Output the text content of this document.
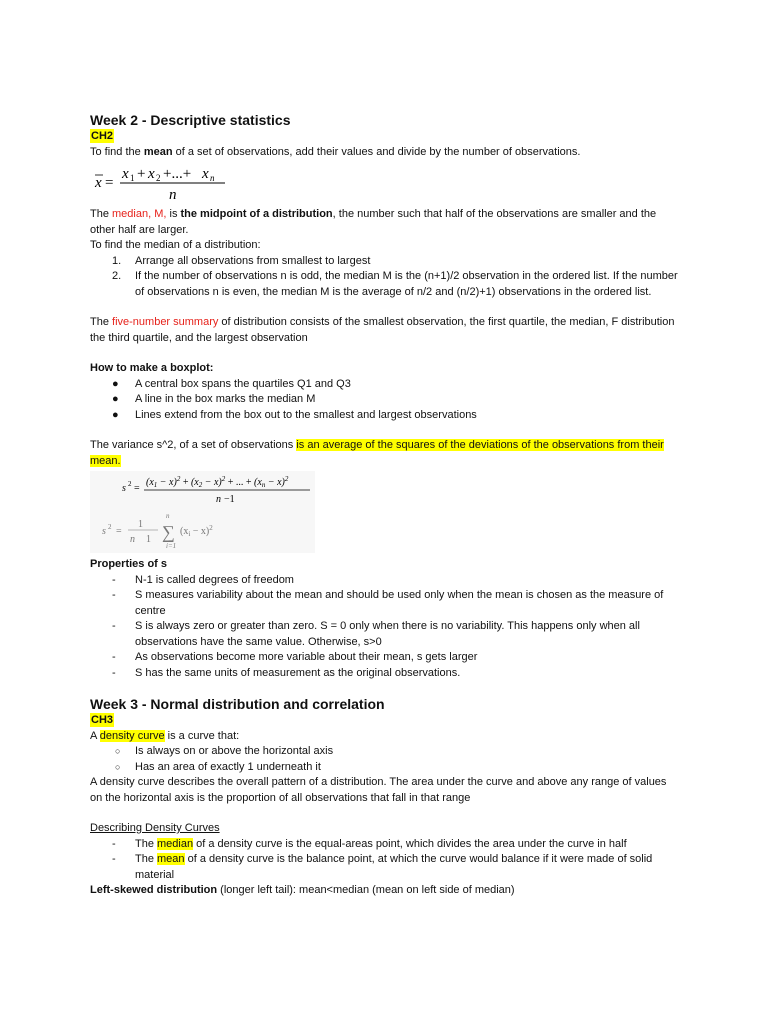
Week 2 - Descriptive statistics
CH2

To find the mean of a set of observations, add their values and divide by the number of observations.

x =
x 1 + x 2 +...+ x n
n

The median, M, is the midpoint of a distribution, the number such that half of the observations are smaller and the other half are larger.

To find the median of a distribution:

1. Arrange all observations from smallest to largest
2. If the number of observations n is odd, the median M is the (n+1)/2 observation in the ordered list. If the number of observations n is even, the median M is the average of n/2 and (n/2)+1) observations in the ordered list.

The five-number summary of distribution consists of the smallest observation, the first quartile, the median, F distribution the third quartile, and the largest observation

How to make a boxplot:

● A central box spans the quartiles Q1 and Q3
● A line in the box marks the median M
● Lines extend from the box out to the smallest and largest observations

The variance s^2, of a set of observations is an average of the squares of the deviations of the observations from their mean.

s 2 =
$(x_1 - x)^2 + (x_2 - x)^2$ + ... + $(x_n - x)^2$
n −1
s 2 =
1
n 1 ∑
n
i=1
$(x_i - x)^2$

Properties of s

- N-1 is called degrees of freedom
- S measures variability about the mean and should be used only when the mean is chosen as the measure of centre
- S is always zero or greater than zero. S = 0 only when there is no variability. This happens only when all observations have the same value. Otherwise, s>0
- As observations become more variable about their mean, s gets larger
- S has the same units of measurement as the original observations.
Week 3 - Normal distribution and correlation
CH3

A density curve is a curve that:

○ Is always on or above the horizontal axis
○ Has an area of exactly 1 underneath it

A density curve describes the overall pattern of a distribution. The area under the curve and above any range of values on the horizontal axis is the proportion of all observations that fall in that range

Describing Density Curves

- The median of a density curve is the equal-areas point, which divides the area under the curve in half
- The mean of a density curve is the balance point, at which the curve would balance if it were made of solid material

Left-skewed distribution (longer left tail): mean<median (mean on left side of median)
